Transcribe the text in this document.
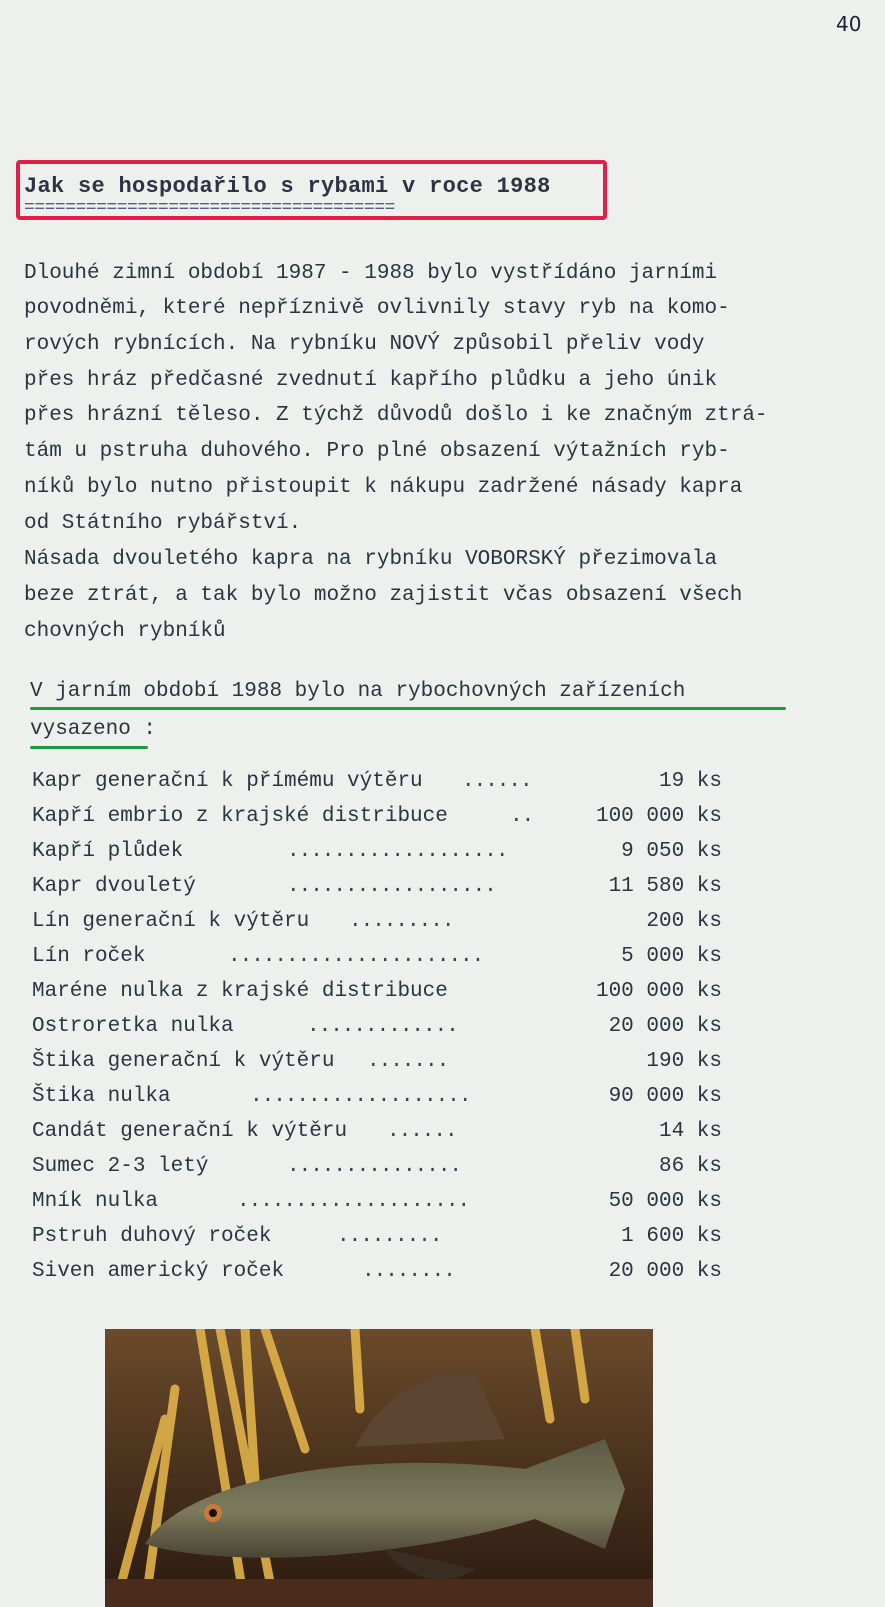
40
Jak se hospodařilo s rybami v roce 1988
====================================
Dlouhé zimní období 1987 - 1988 bylo vystřídáno jarními
povodněmi, které nepříznivě ovlivnily stavy ryb na komo-
rových rybnících. Na rybníku NOVÝ způsobil přeliv vody
přes hráz předčasné zvednutí kapřího plůdku a jeho únik
přes hrázní těleso. Z týchž důvodů došlo i ke značným ztrá-
tám u pstruha duhového. Pro plné obsazení výtažních ryb-
níků bylo nutno přistoupit k nákupu zadržené násady kapra
od Státního rybářství.
Násada dvouletého kapra na rybníku VOBORSKÝ přezimovala
beze ztrát, a tak bylo možno zajistit včas obsazení všech
chovných rybníků
V jarním období 1988 bylo na rybochovných zařízeních
vysazeno :
Kapr generační k přímému výtěru ......	19 ks
Kapří embrio z krajské distribuce	..	100 000 ks
Kapří plůdek	...................	9 050 ks
Kapr dvouletý	..................	11 580 ks
Lín generační k výtěru .........	200 ks
Lín roček	......................	5 000 ks
Maréne nulka z krajské distribuce	100 000 ks
Ostroretka nulka	.............	20 000 ks
Štika generační k výtěru .......	190 ks
Štika nulka	...................	90 000 ks
Candát generační k výtěru ......	14 ks
Sumec 2-3 letý	...............	86 ks
Mník nulka	....................	50 000 ks
Pstruh duhový roček	.........	1 600 ks
Siven americký roček	........	20 000 ks
